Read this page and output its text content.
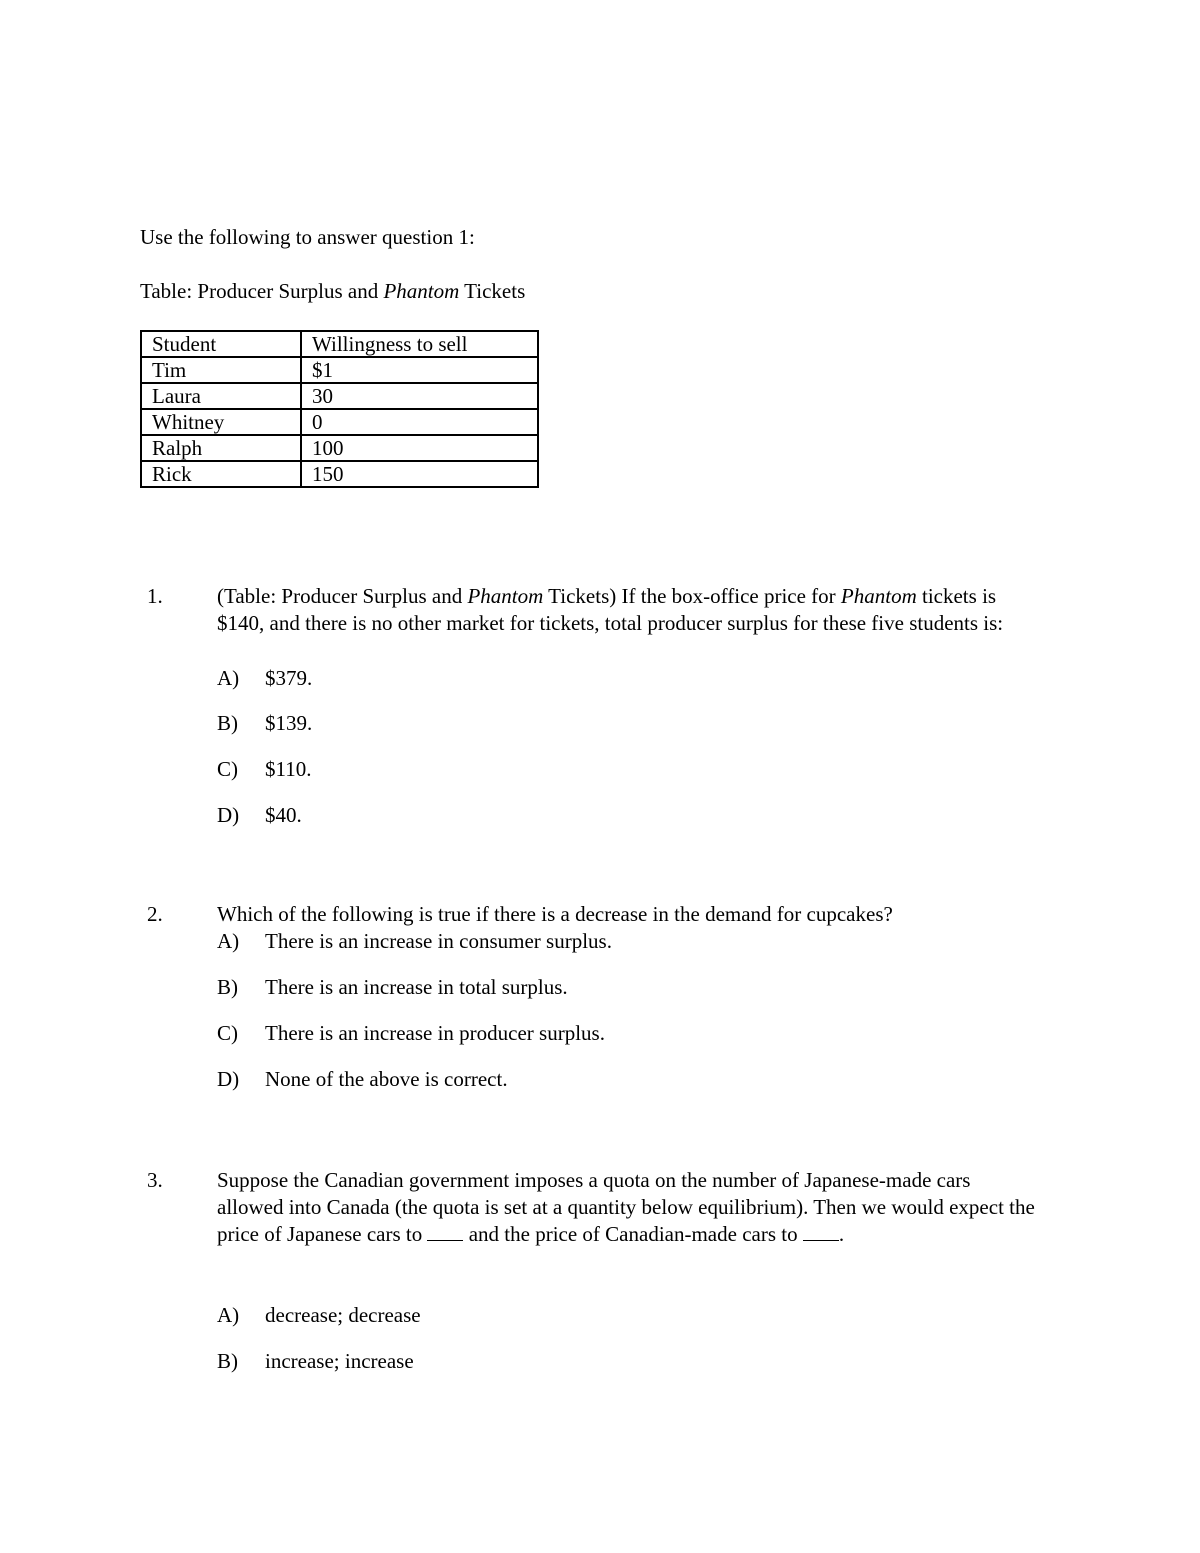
Use the following to answer question 1:
Table: Producer Surplus and Phantom Tickets
Student	Willingness to sell
Tim	$1
Laura	30
Whitney	0
Ralph	100
Rick	150
1.	(Table: Producer Surplus and Phantom Tickets) If the box-office price for Phantom tickets is $140, and there is no other market for tickets, total producer surplus for these five students is:
A) $379.
B) $139.
C) $110.
D) $40.
2.	Which of the following is true if there is a decrease in the demand for cupcakes?
A) There is an increase in consumer surplus.
B) There is an increase in total surplus.
C) There is an increase in producer surplus.
D) None of the above is correct.
3.	Suppose the Canadian government imposes a quota on the number of Japanese-made cars allowed into Canada (the quota is set at a quantity below equilibrium). Then we would expect the price of Japanese cars to  and the price of Canadian-made cars to .
A) decrease; decrease
B) increase; increase
